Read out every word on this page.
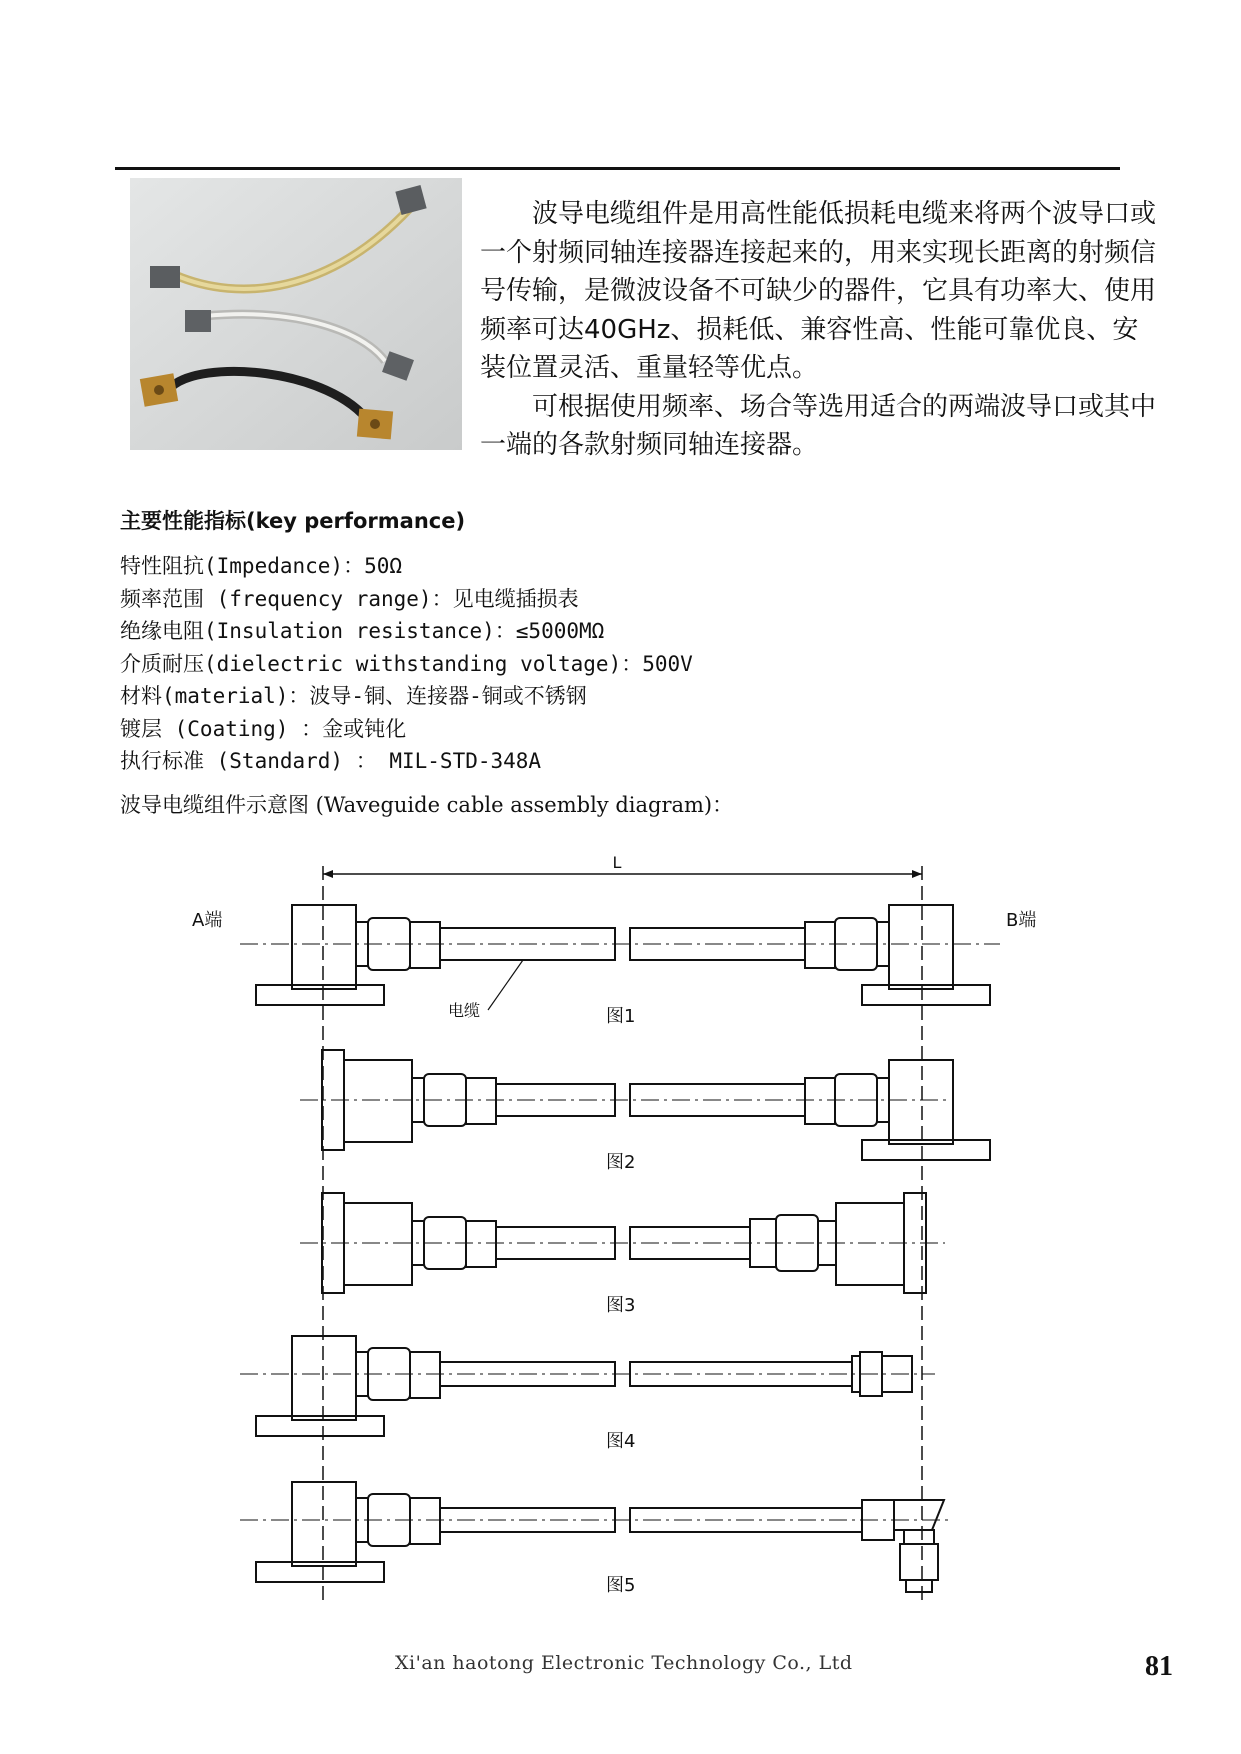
波导电缆组件是用高性能低损耗电缆来将两个波导口或一个射频同轴连接器连接起来的，用来实现长距离的射频信号传输，是微波设备不可缺少的器件，它具有功率大、使用频率可达40GHz、损耗低、兼容性高、性能可靠优良、安装位置灵活、重量轻等优点。

可根据使用频率、场合等选用适合的两端波导口或其中一端的各款射频同轴连接器。

主要性能指标(key performance)
特性阻抗(Impedance)：50Ω
频率范围 (frequency range)：见电缆插损表
绝缘电阻(Insulation resistance)：≤5000MΩ
介质耐压(dielectric withstanding voltage)：500V
材料(material)：波导-铜、连接器-铜或不锈钢
镀层 (Coating) ：金或钝化
执行标准 (Standard) ： MIL-STD-348A
波导电缆组件示意图 (Waveguide cable assembly diagram)：
L
A端	B端
电缆	图1
图2
图3
图4
图5
Xi'an haotong Electronic Technology Co., Ltd	81
